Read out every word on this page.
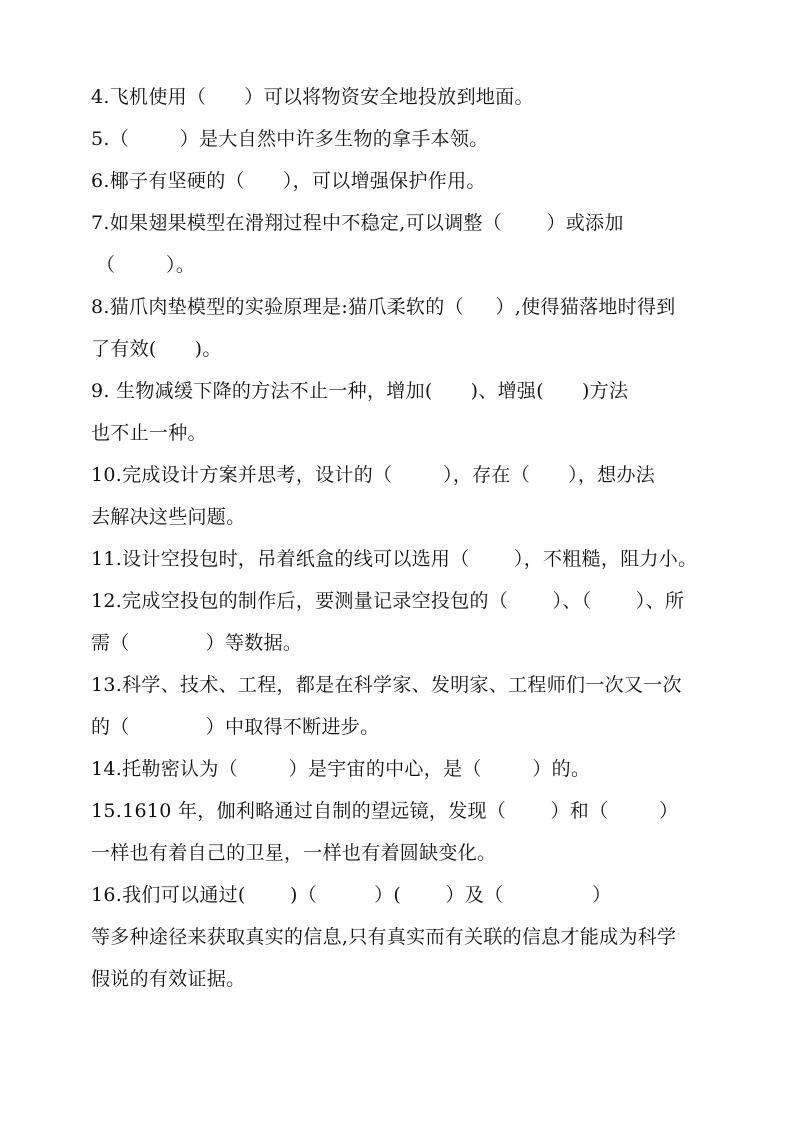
4.飞机使用（      ）可以将物资安全地投放到地面。
5.（        ）是大自然中许多生物的拿手本领。
6.椰子有坚硬的（      ），可以增强保护作用。
7.如果翅果模型在滑翔过程中不稳定,可以调整（       ）或添加
（        ）。
8.猫爪肉垫模型的实验原理是:猫爪柔软的（     ）,使得猫落地时得到
了有效(      )。
9. 生物减缓下降的方法不止一种，增加(      )、增强(      )方法
也不止一种。
10.完成设计方案并思考，设计的（        ），存在（      ），想办法
去解决这些问题。
11.设计空投包时，吊着纸盒的线可以选用（       ），不粗糙，阻力小。
12.完成空投包的制作后，要测量记录空投包的（       ）、（       ）、所
需（            ）等数据。
13.科学、技术、工程，都是在科学家、发明家、工程师们一次又一次
的（            ）中取得不断进步。
14.托勒密认为（        ）是宇宙的中心，是（        ）的。
15.1610 年，伽利略通过自制的望远镜，发现（       ）和（        ）
一样也有着自己的卫星，一样也有着圆缺变化。
16.我们可以通过(       )（         ）(       ）及（              ）
等多种途径来获取真实的信息,只有真实而有关联的信息才能成为科学
假说的有效证据。
